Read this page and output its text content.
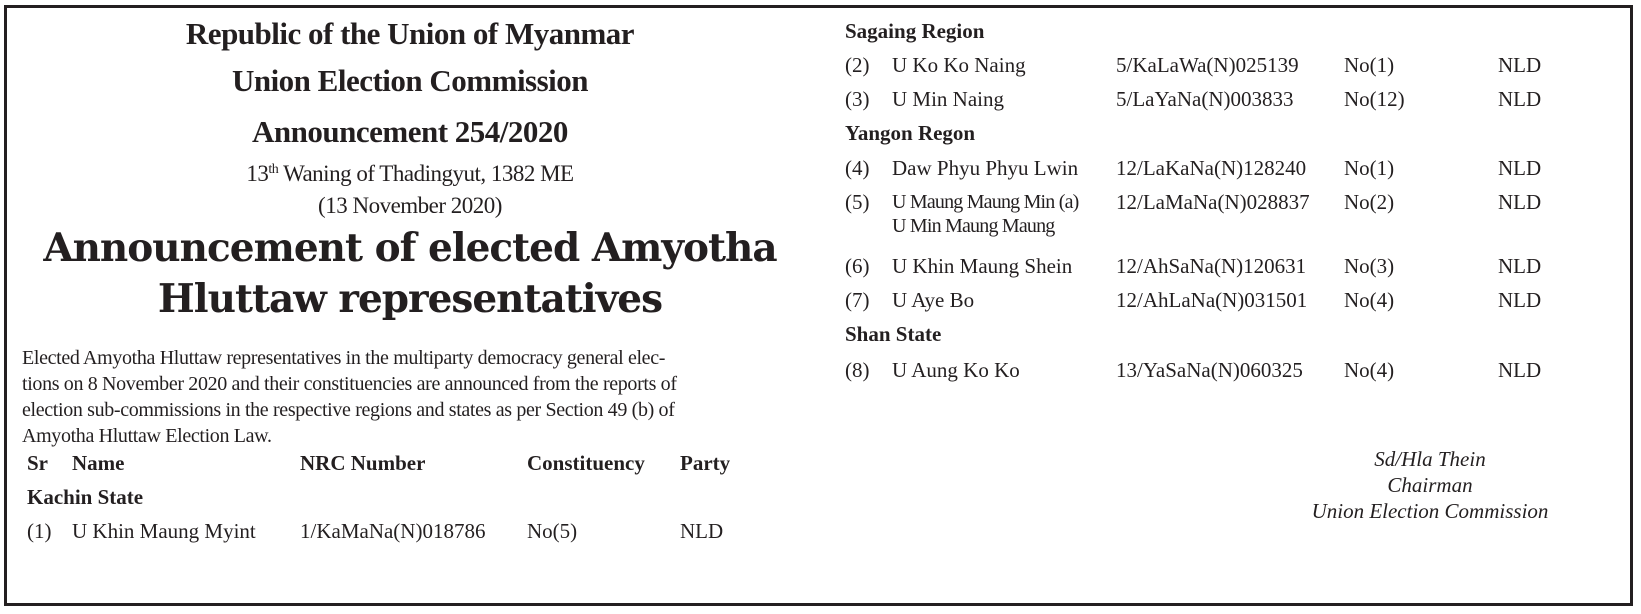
Republic of the Union of Myanmar
Union Election Commission
Announcement 254/2020
13th Waning of Thadingyut, 1382 ME
(13 November 2020)
Announcement of elected Amyotha
Hluttaw representatives
Elected Amyotha Hluttaw representatives in the multiparty democracy general elec-
tions on 8 November 2020 and their constituencies are announced from the reports of
election sub-commissions in the respective regions and states as per Section 49 (b) of
Amyotha Hluttaw Election Law.
Sr Name	NRC Number	Constituency Party
Kachin State
(1) U Khin Maung Myint 1/KaMaNa(N)018786 No(5)	NLD
Sagaing Region
(2) U Ko Ko Naing	5/KaLaWa(N)025139 No(1)	NLD
(3) U Min Naing	5/LaYaNa(N)003833 No(12)	NLD
Yangon Regon
(4) Daw Phyu Phyu Lwin 12/LaKaNa(N)128240 No(1)	NLD
(5) U Maung Maung Min (a)
U Min Maung Maung
12/LaMaNa(N)028837 No(2)	NLD
(6) U Khin Maung Shein 12/AhSaNa(N)120631 No(3)	NLD
(7) U Aye Bo	12/AhLaNa(N)031501 No(4)	NLD
Shan State
(8) U Aung Ko Ko	13/YaSaNa(N)060325 No(4)	NLD
Sd/Hla Thein
Chairman
Union Election Commission
